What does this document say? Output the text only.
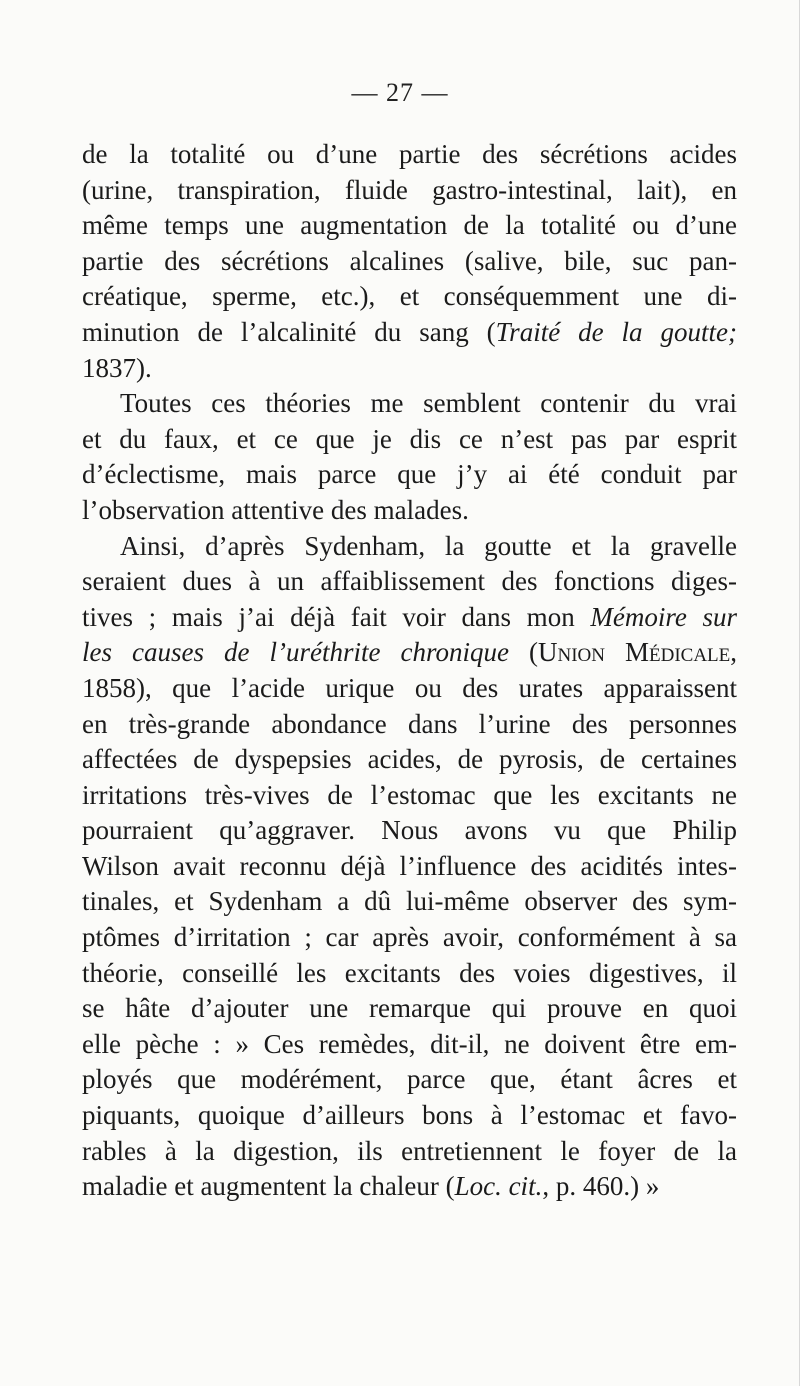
— 27 —
de la totalité ou d’une partie des sécrétions acides
(urine, transpiration, fluide gastro-intestinal, lait), en
même temps une augmentation de la totalité ou d’une
partie des sécrétions alcalines (salive, bile, suc pan-
créatique, sperme, etc.), et conséquemment une di-
minution de l’alcalinité du sang (Traité de la goutte;
1837).
Toutes ces théories me semblent contenir du vrai
et du faux, et ce que je dis ce n’est pas par esprit
d’éclectisme, mais parce que j’y ai été conduit par
l’observation attentive des malades.
Ainsi, d’après Sydenham, la goutte et la gravelle
seraient dues à un affaiblissement des fonctions diges-
tives ; mais j’ai déjà fait voir dans mon Mémoire sur
les causes de l’uréthrite chronique (Union Médicale,
1858), que l’acide urique ou des urates apparaissent
en très-grande abondance dans l’urine des personnes
affectées de dyspepsies acides, de pyrosis, de certaines
irritations très-vives de l’estomac que les excitants ne
pourraient qu’aggraver. Nous avons vu que Philip
Wilson avait reconnu déjà l’influence des acidités intes-
tinales, et Sydenham a dû lui-même observer des sym-
ptômes d’irritation ; car après avoir, conformément à sa
théorie, conseillé les excitants des voies digestives, il
se hâte d’ajouter une remarque qui prouve en quoi
elle pèche : » Ces remèdes, dit-il, ne doivent être em-
ployés que modérément, parce que, étant âcres et
piquants, quoique d’ailleurs bons à l’estomac et favo-
rables à la digestion, ils entretiennent le foyer de la
maladie et augmentent la chaleur (Loc. cit., p. 460.) »
